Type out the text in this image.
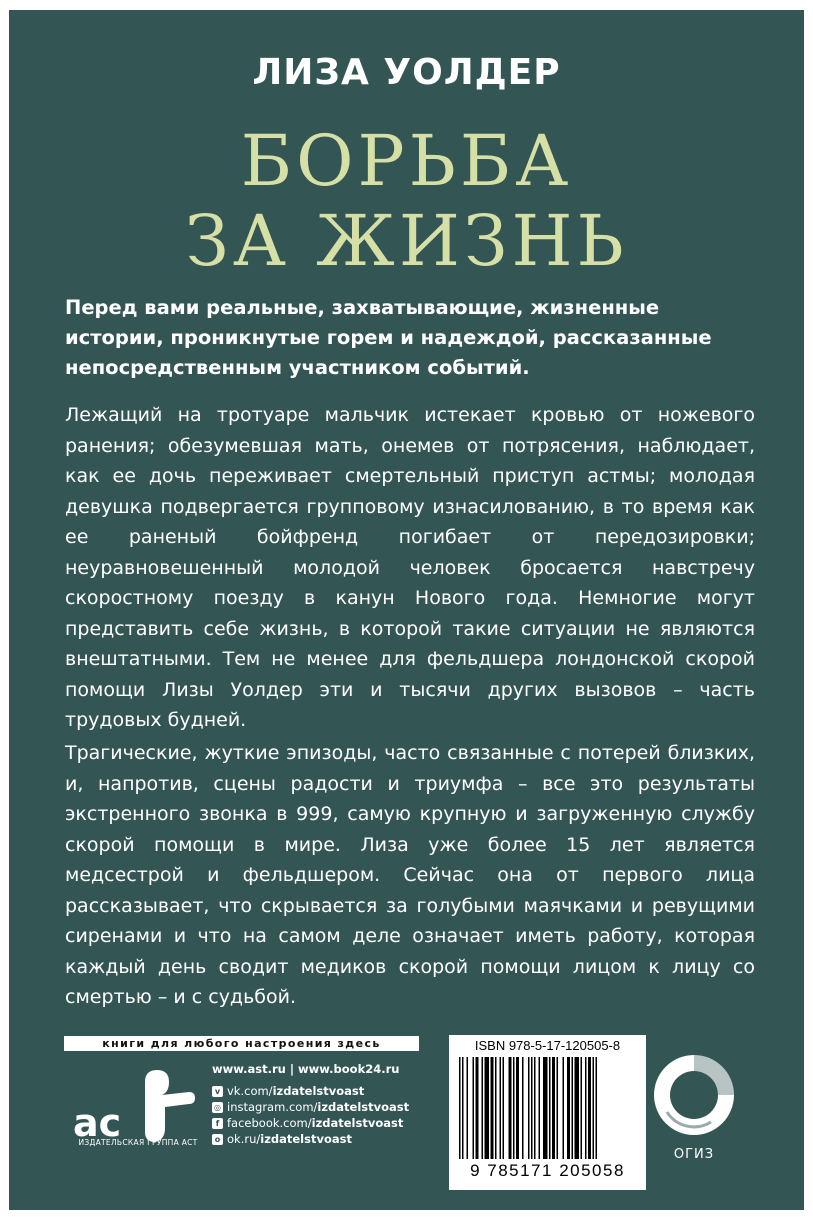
ЛИЗА УОЛДЕР
БОРЬБА
ЗА ЖИЗНЬ
Перед вами реальные, захватывающие, жизненные
истории, проникнутые горем и надеждой, рассказанные
непосредственным участником событий.
Лежащий на тротуаре мальчик истекает кровью от ножевого ранения; обезумевшая мать, онемев от потрясения, наблюдает, как ее дочь переживает смертельный приступ астмы; молодая девушка подвергается групповому изнасилованию, в то время как ее раненый бойфренд погибает от передозировки; неуравновешенный молодой человек бросается навстречу скоростному поезду в канун Нового года. Немногие могут представить себе жизнь, в которой такие ситуации не являются внештатными. Тем не менее для фельдшера лондонской скорой помощи Лизы Уолдер эти и тысячи других вызовов – часть трудовых будней.
Трагические, жуткие эпизоды, часто связанные с потерей близких, и, напротив, сцены радости и триумфа – все это результаты экстренного звонка в 999, самую крупную и загруженную службу скорой помощи в мире. Лиза уже более 15 лет является медсестрой и фельдшером. Сейчас она от первого лица рассказывает, что скрывается за голубыми маячками и ревущими сиренами и что на самом деле означает иметь работу, которая каждый день сводит медиков скорой помощи лицом к лицу со смертью – и с судьбой.
книги для любого настроения здесь
ас
ИЗДАТЕЛЬСКАЯ ГРУППА АСТ
www.ast.ru | www.book24.ru
v vk.com/ izdatelstvoast
◎ instagram.com/ izdatelstvoast
f facebook.com/ izdatelstvoast
o ok.ru/ izdatelstvoast
ISBN 978-5-17-120505-8
9 785171 205058
ОГИЗ
